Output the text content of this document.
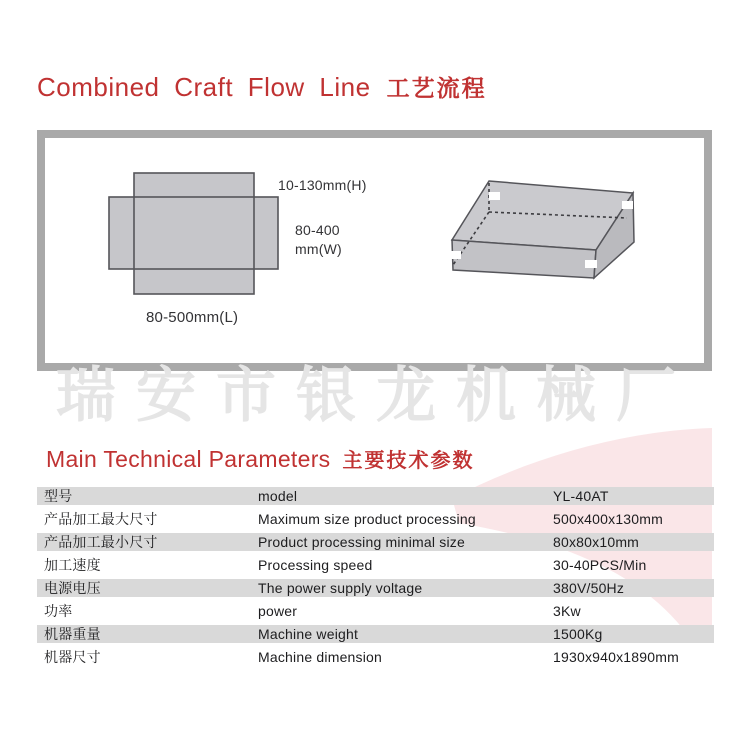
Combined Craft Flow Line 工艺流程
10-130mm(H)
80-400
mm(W)
80-500mm(L)
瑞安市银龙机械厂
Main Technical Parameters 主要技术参数
型号	model	YL-40AT
产品加工最大尺寸	Maximum size product processing	500x400x130mm
产品加工最小尺寸	Product processing minimal size	80x80x10mm
加工速度	Processing speed	30-40PCS/Min
电源电压	The power supply voltage	380V/50Hz
功率	power	3Kw
机器重量	Machine weight	1500Kg
机器尺寸	Machine dimension	1930x940x1890mm
